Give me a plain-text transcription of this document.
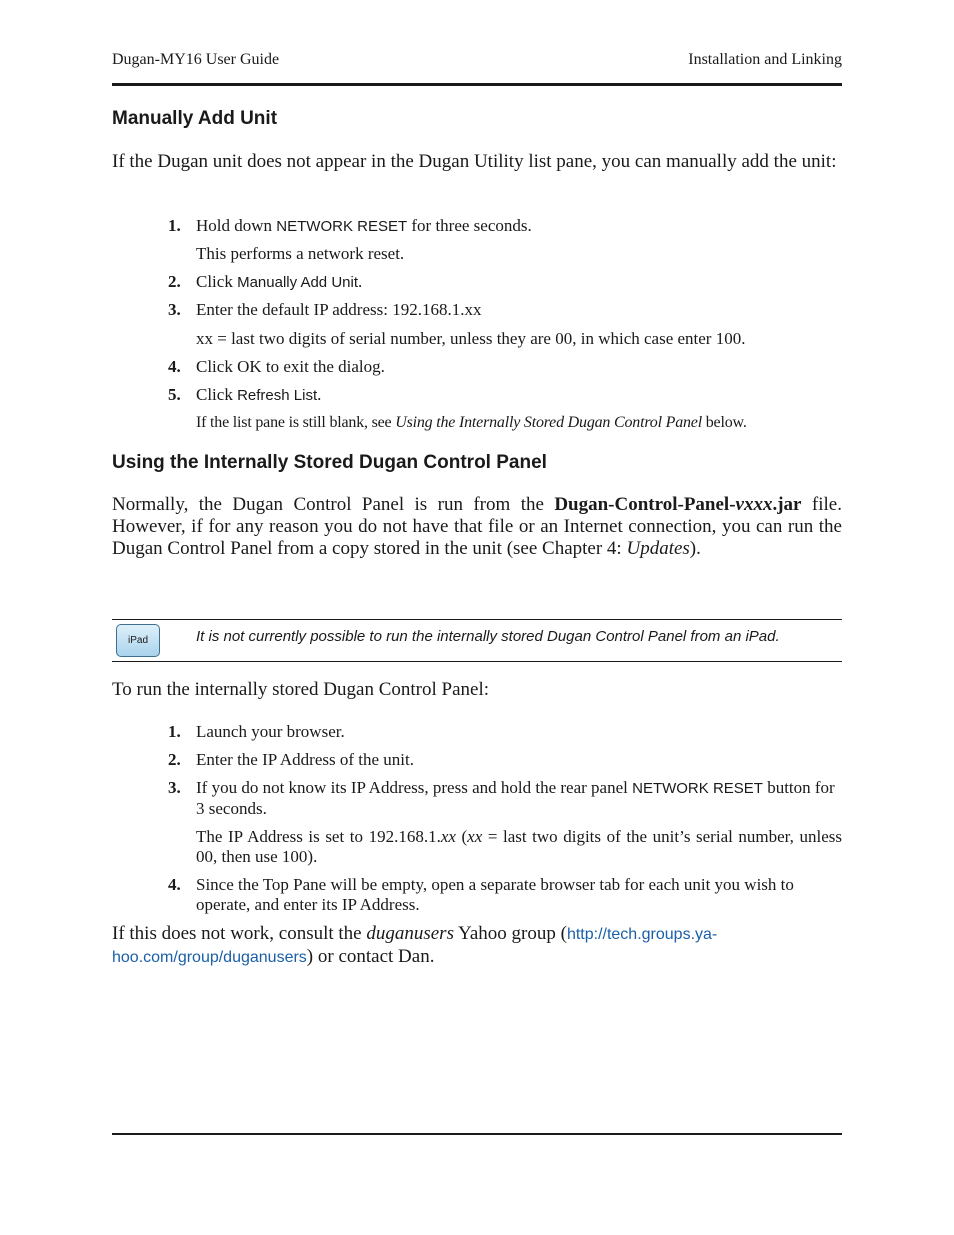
Dugan-MY16 User Guide	Installation and Linking
Manually Add Unit

If the Dugan unit does not appear in the Dugan Utility list pane, you can manually add the unit:

1. Hold down NETWORK RESET for three seconds.
This performs a network reset.
2. Click Manually Add Unit.
3. Enter the default IP address: 192.168.1.xx
xx = last two digits of serial number, unless they are 00, in which case enter 100.
4. Click OK to exit the dialog.
5. Click Refresh List.
If the list pane is still blank, see Using the Internally Stored Dugan Control Panel below.
Using the Internally Stored Dugan Control Panel

Normally, the Dugan Control Panel is run from the Dugan-Control-Panel-vxxx.jar file. However, if for any reason you do not have that file or an Internet connection, you can run the Dugan Control Panel from a copy stored in the unit (see Chapter 4: Updates).

iPad	It is not currently possible to run the internally stored Dugan Control Panel from an iPad.

To run the internally stored Dugan Control Panel:

1. Launch your browser.
2. Enter the IP Address of the unit.
3. If you do not know its IP Address, press and hold the rear panel NETWORK RESET button for 3 seconds.
The IP Address is set to 192.168.1.xx (xx = last two digits of the unit’s serial number, unless 00, then use 100).
4. Since the Top Pane will be empty, open a separate browser tab for each unit you wish to operate, and enter its IP Address.

If this does not work, consult the duganusers Yahoo group (http://tech.groups.ya-
hoo.com/group/duganusers) or contact Dan.
